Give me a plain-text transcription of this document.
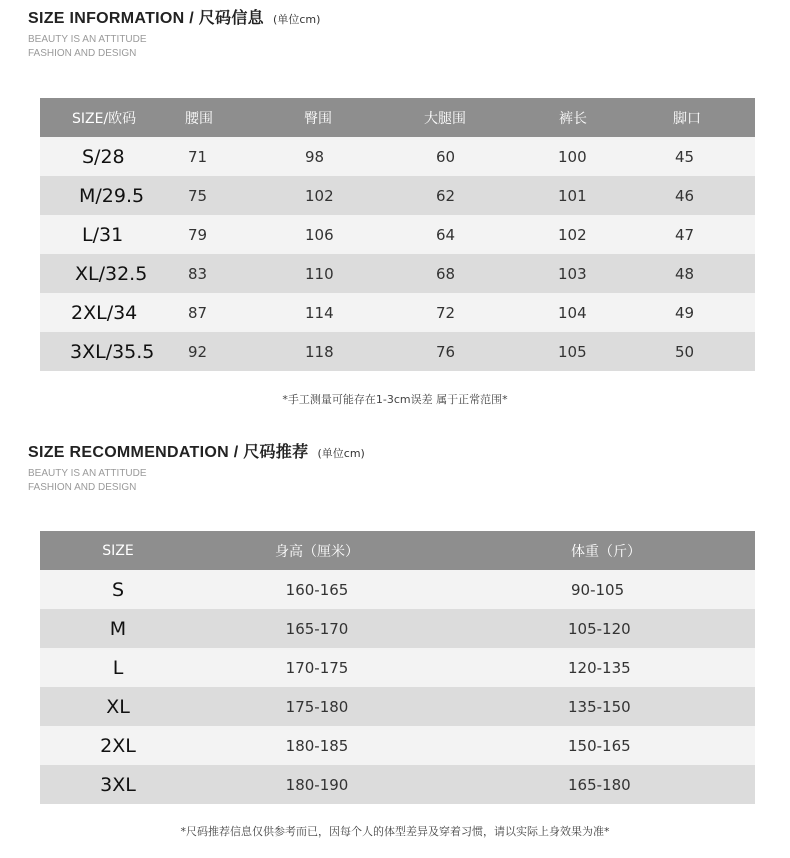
SIZE INFORMATION / 尺码信息 (单位cm)
BEAUTY IS AN ATTITUDE
FASHION AND DESIGN
SIZE/欧码	腰围	臀围	大腿围	裤长	脚口
S/28	71	98	60	100	45
M/29.5	75	102	62	101	46
L/31	79	106	64	102	47
XL/32.5	83	110	68	103	48
2XL/34	87	114	72	104	49
3XL/35.5	92	118	76	105	50
*手工测量可能存在1-3cm误差 属于正常范围*
SIZE RECOMMENDATION / 尺码推荐 (单位cm)
BEAUTY IS AN ATTITUDE
FASHION AND DESIGN
SIZE	身高（厘米）	体重（斤）
S	160-165	90-105
M	165-170	105-120
L	170-175	120-135
XL	175-180	135-150
2XL	180-185	150-165
3XL	180-190	165-180
*尺码推荐信息仅供参考而已，因每个人的体型差异及穿着习惯，请以实际上身效果为准*
